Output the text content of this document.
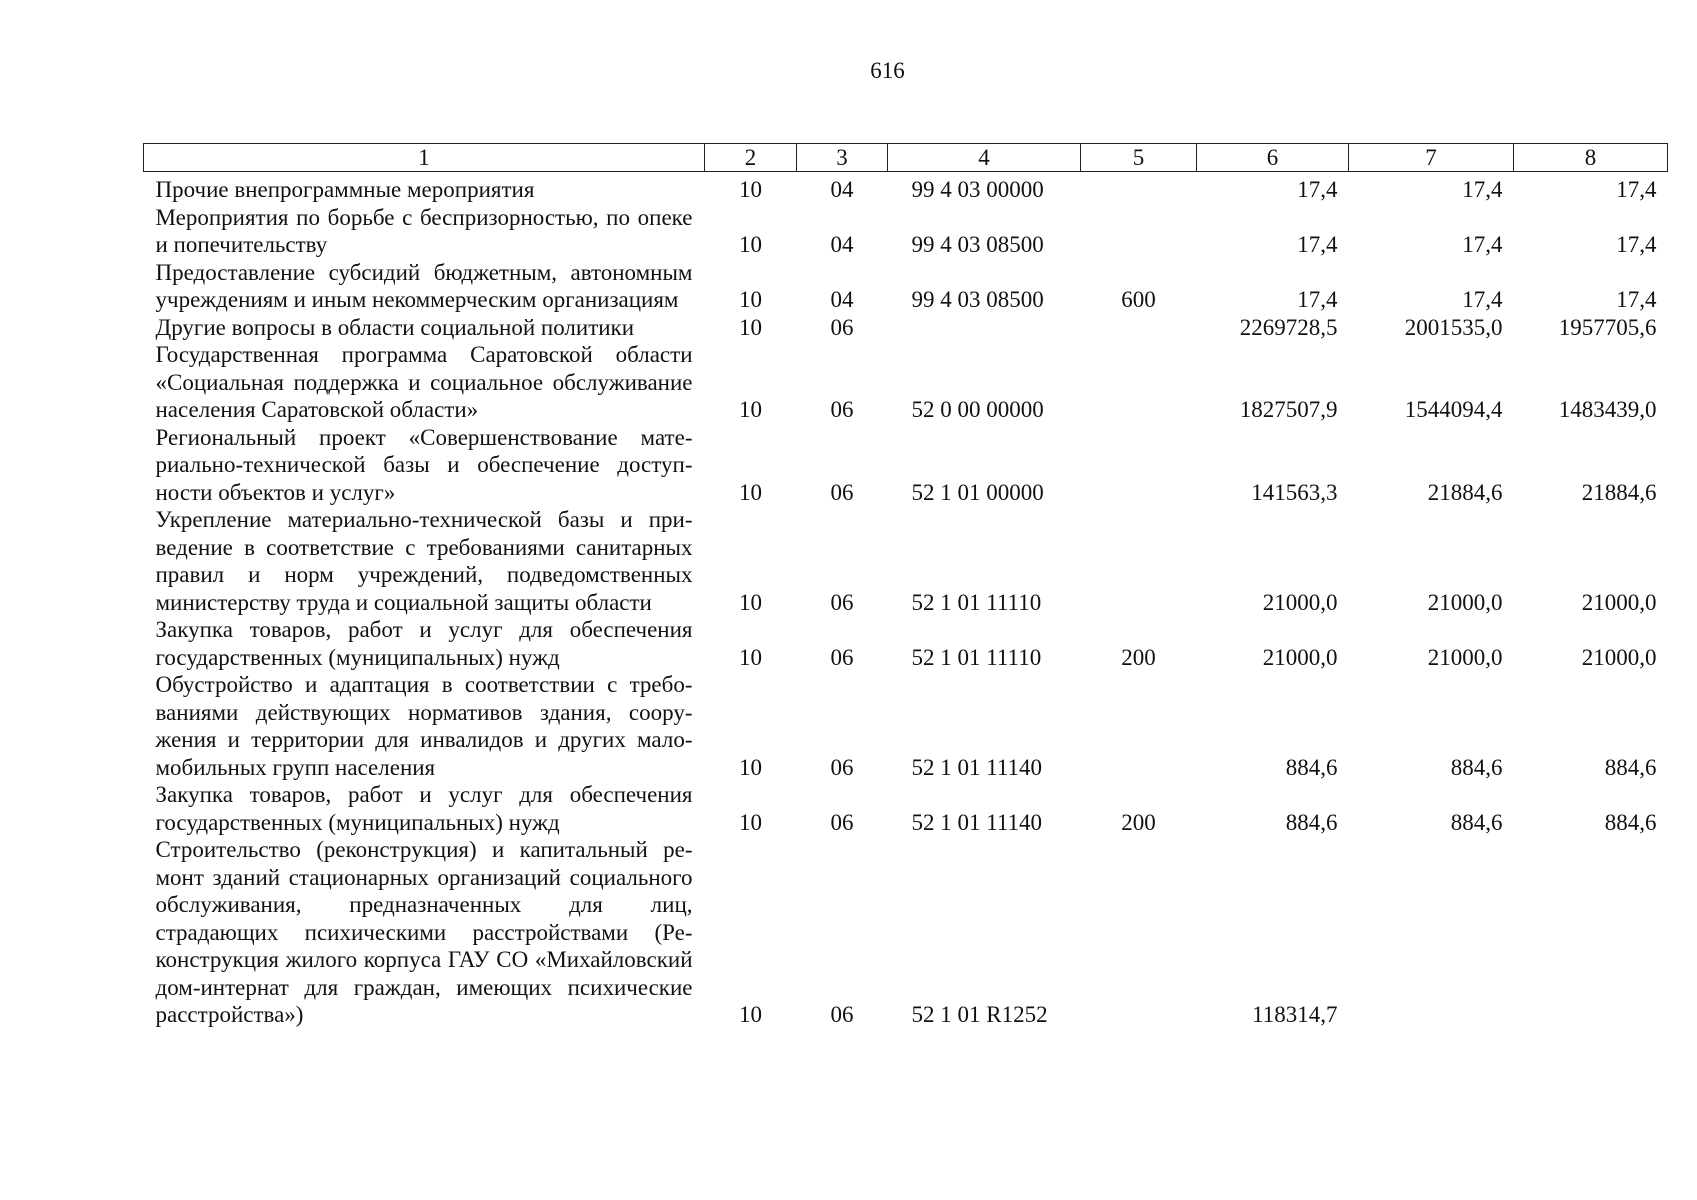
616
1	2	3	4	5	6	7	8
Прочие внепрограммные мероприятия	10	04	99 4 03 00000		17,4	17,4	17,4
Мероприятия по борьбе с беспризорностью, по опеке и попечительству	10	04	99 4 03 08500		17,4	17,4	17,4
Предоставление субсидий бюджетным, автономным учреждениям и иным некоммерческим организациям	10	04	99 4 03 08500	600	17,4	17,4	17,4
Другие вопросы в области социальной политики	10	06			2269728,5	2001535,0	1957705,6
Государственная программа Саратовской области «Социальная поддержка и социальное обслуживание населения Саратовской области»	10	06	52 0 00 00000		1827507,9	1544094,4	1483439,0
Региональный проект «Совершенствование материально-технической базы и обеспечение доступности объектов и услуг»	10	06	52 1 01 00000		141563,3	21884,6	21884,6
Укрепление материально-технической базы и приведение в соответствие с требованиями санитарных правил и норм учреждений, подведомственных министерству труда и социальной защиты области	10	06	52 1 01 11110		21000,0	21000,0	21000,0
Закупка товаров, работ и услуг для обеспечения государственных (муниципальных) нужд	10	06	52 1 01 11110	200	21000,0	21000,0	21000,0
Обустройство и адаптация в соответствии с требованиями действующих нормативов здания, сооружения и территории для инвалидов и других маломобильных групп населения	10	06	52 1 01 11140		884,6	884,6	884,6
Закупка товаров, работ и услуг для обеспечения государственных (муниципальных) нужд	10	06	52 1 01 11140	200	884,6	884,6	884,6
Строительство (реконструкция) и капитальный ремонт зданий стационарных организаций социального обслуживания, предназначенных для лиц, страдающих психическими расстройствами (Реконструкция жилого корпуса ГАУ СО «Михайловский дом-интернат для граждан, имеющих психические расстройства»)	10	06	52 1 01 R1252		118314,7		
